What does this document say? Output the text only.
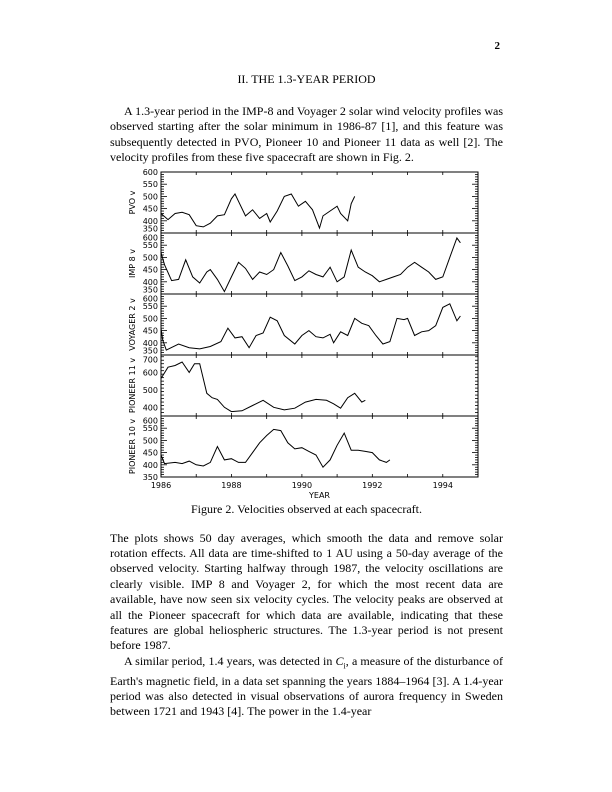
2
II. THE 1.3-YEAR PERIOD

A 1.3-year period in the IMP-8 and Voyager 2 solar wind velocity profiles was observed starting after the solar minimum in 1986-87 [1], and this feature was subsequently detected in PVO, Pioneer 10 and Pioneer 11 data as well [2]. The velocity profiles from these five spacecraft are shown in Fig. 2.

350
400
450
500
550
600
PVO v
350
400
450
500
550
600
IMP 8 v
350
400
450
500
550
600
VOYAGER 2 v
400
500
600
700
PIONEER 11 v
350
400
450
500
550
600
PIONEER 10 v
1986	1988	1990	1992	1994
YEAR
Figure 2. Velocities observed at each spacecraft.

The plots shows 50 day averages, which smooth the data and remove solar rotation effects. All data are time-shifted to 1 AU using a 50-day average of the observed velocity. Starting halfway through 1987, the velocity oscillations are clearly visible. IMP 8 and Voyager 2, for which the most recent data are available, have now seen six velocity cycles. The velocity peaks are observed at all the Pioneer spacecraft for which data are available, indicating that these features are global heliospheric structures. The 1.3-year period is not present before 1987.

A similar period, 1.4 years, was detected in $C_i$, a measure of the disturbance of Earth's magnetic field, in a data set spanning the years 1884–1964 [3]. A 1.4-year period was also detected in visual observations of aurora frequency in Sweden between 1721 and 1943 [4]. The power in the 1.4-year
